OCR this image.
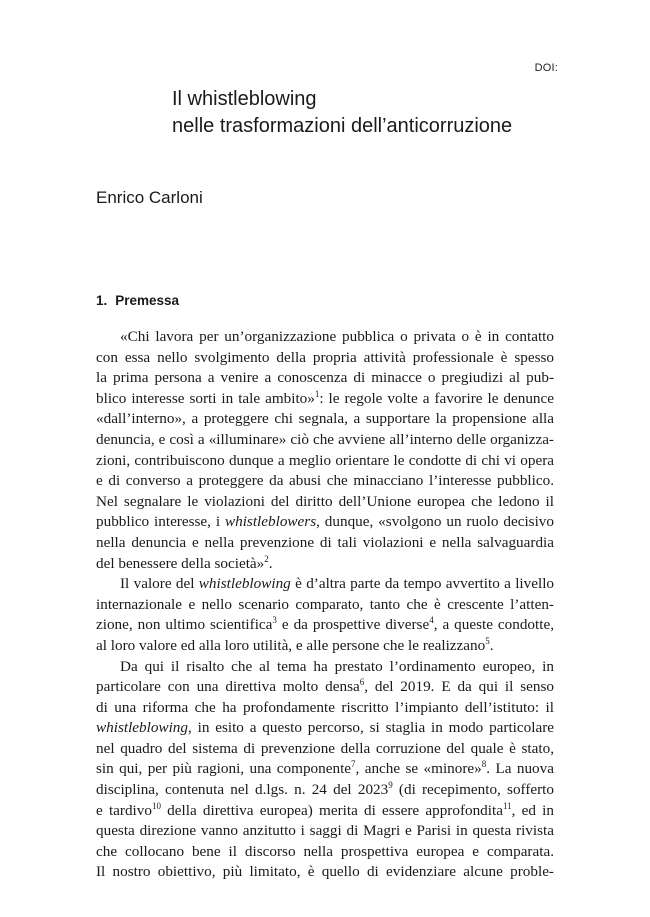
DOI:
Il whistleblowing
nelle trasformazioni dell’anticorruzione
Enrico Carloni
1. Premessa

«Chi lavora per un’organizzazione pubblica o privata o è in contatto
con essa nello svolgimento della propria attività professionale è spesso
la prima persona a venire a conoscenza di minacce o pregiudizi al pub-
blico interesse sorti in tale ambito»$^1$: le regole volte a favorire le denunce
«dall’interno», a proteggere chi segnala, a supportare la propensione alla
denuncia, e così a «illuminare» ciò che avviene all’interno delle organizza-
zioni, contribuiscono dunque a meglio orientare le condotte di chi vi opera
e di converso a proteggere da abusi che minacciano l’interesse pubblico.
Nel segnalare le violazioni del diritto dell’Unione europea che ledono il
pubblico interesse, i whistleblowers, dunque, «svolgono un ruolo decisivo
nella denuncia e nella prevenzione di tali violazioni e nella salvaguardia
del benessere della società»$^2$.

Il valore del whistleblowing è d’altra parte da tempo avvertito a livello
internazionale e nello scenario comparato, tanto che è crescente l’atten-
zione, non ultimo scientifica$^3$ e da prospettive diverse$^4$, a queste condotte,
al loro valore ed alla loro utilità, e alle persone che le realizzano$^5$.

Da qui il risalto che al tema ha prestato l’ordinamento europeo, in
particolare con una direttiva molto densa$^6$, del 2019. E da qui il senso
di una riforma che ha profondamente riscritto l’impianto dell’istituto: il
whistleblowing, in esito a questo percorso, si staglia in modo particolare
nel quadro del sistema di prevenzione della corruzione del quale è stato,
sin qui, per più ragioni, una componente$^7$, anche se «minore»$^8$. La nuova
disciplina, contenuta nel d.lgs. n. 24 del 2023$^9$ (di recepimento, sofferto
e tardivo$^{10}$ della direttiva europea) merita di essere approfondita$^{11}$, ed in
questa direzione vanno anzitutto i saggi di Magri e Parisi in questa rivista
che collocano bene il discorso nella prospettiva europea e comparata.
Il nostro obiettivo, più limitato, è quello di evidenziare alcune proble-
